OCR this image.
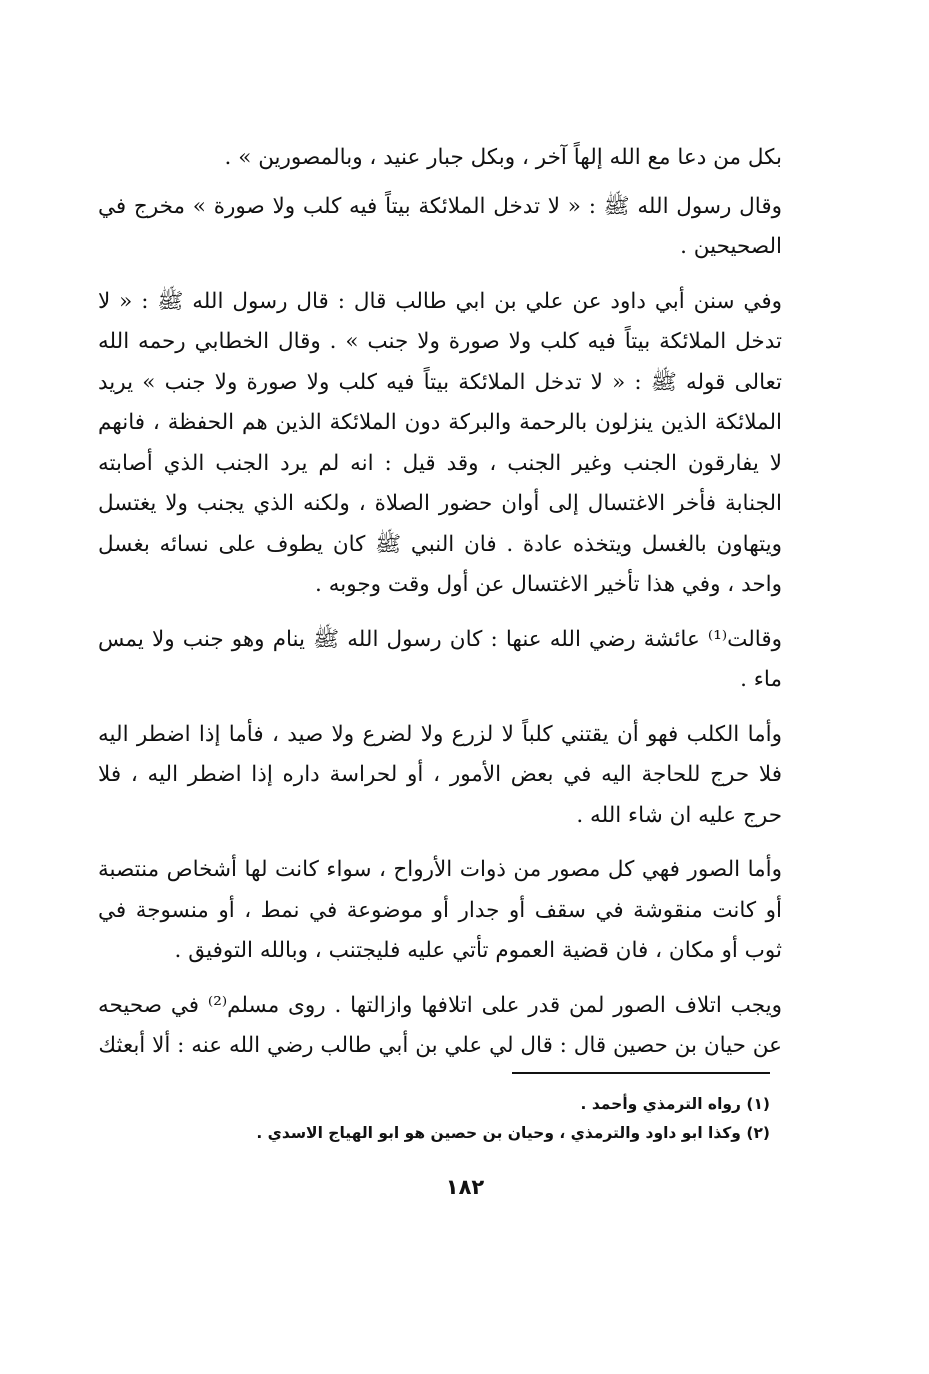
بكل من دعا مع الله إلهاً آخر ، وبكل جبار عنيد ، وبالمصورين » .

وقال رسول الله ﷺ : « لا تدخل الملائكة بيتاً فيه كلب ولا صورة » مخرج في الصحيحين .

وفي سنن أبي داود عن علي بن ابي طالب قال : قال رسول الله ﷺ : « لا تدخل الملائكة بيتاً فيه كلب ولا صورة ولا جنب » . وقال الخطابي رحمه الله تعالى قوله ﷺ : « لا تدخل الملائكة بيتاً فيه كلب ولا صورة ولا جنب » يريد الملائكة الذين ينزلون بالرحمة والبركة دون الملائكة الذين هم الحفظة ، فانهم لا يفارقون الجنب وغير الجنب ، وقد قيل : انه لم يرد الجنب الذي أصابته الجنابة فأخر الاغتسال إلى أوان حضور الصلاة ، ولكنه الذي يجنب ولا يغتسل ويتهاون بالغسل ويتخذه عادة . فان النبي ﷺ كان يطوف على نسائه بغسل واحد ، وفي هذا تأخير الاغتسال عن أول وقت وجوبه .

وقالت⁽¹⁾ عائشة رضي الله عنها : كان رسول الله ﷺ ينام وهو جنب ولا يمس ماء .

وأما الكلب فهو أن يقتني كلباً لا لزرع ولا لضرع ولا صيد ، فأما إذا اضطر اليه فلا حرج للحاجة اليه في بعض الأمور ، أو لحراسة داره إذا اضطر اليه ، فلا حرج عليه ان شاء الله .

وأما الصور فهي كل مصور من ذوات الأرواح ، سواء كانت لها أشخاص منتصبة أو كانت منقوشة في سقف أو جدار أو موضوعة في نمط ، أو منسوجة في ثوب أو مكان ، فان قضية العموم تأتي عليه فليجتنب ، وبالله التوفيق .

ويجب اتلاف الصور لمن قدر على اتلافها وازالتها . روى مسلم⁽²⁾ في صحيحه عن حيان بن حصين قال : قال لي علي بن أبي طالب رضي الله عنه : ألا أبعثك

(١) رواه الترمذي وأحمد .

(٢) وكذا ابو داود والترمذي ، وحيان بن حصين هو ابو الهياج الاسدي .

١٨٢
